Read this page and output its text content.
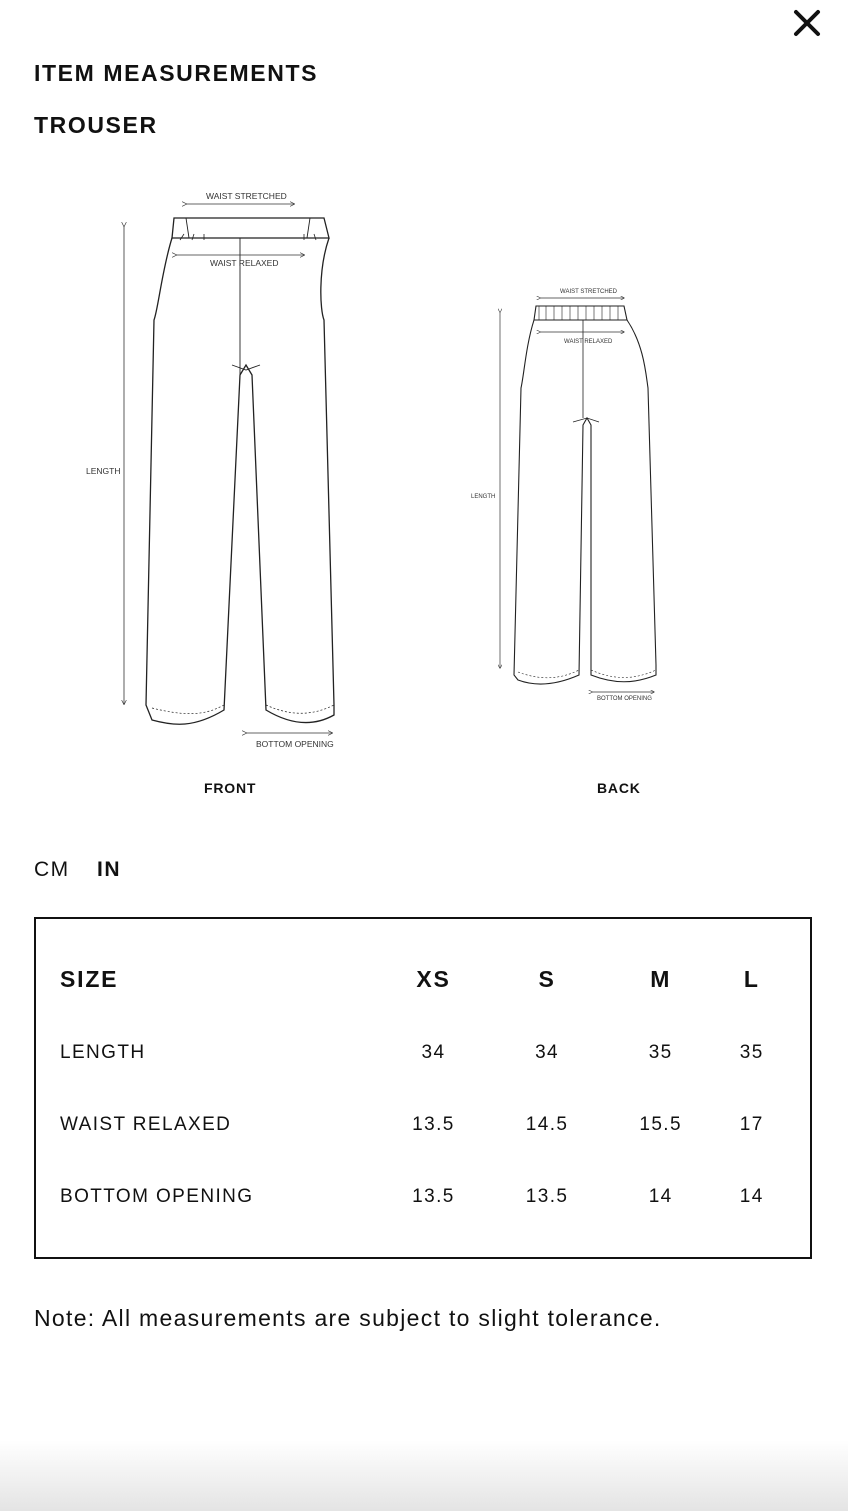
ITEM MEASUREMENTS
TROUSER
WAIST STRETCHED
WAIST RELAXED
LENGTH
BOTTOM OPENING
WAIST STRETCHED
WAIST RELAXED
LENGTH
BOTTOM OPENING
FRONT	BACK
CM IN
SIZE	XS	S	M	L
LENGTH	34	34	35	35
WAIST RELAXED	13.5	14.5	15.5	17
BOTTOM OPENING	13.5	13.5	14	14
Note: All measurements are subject to slight tolerance.
